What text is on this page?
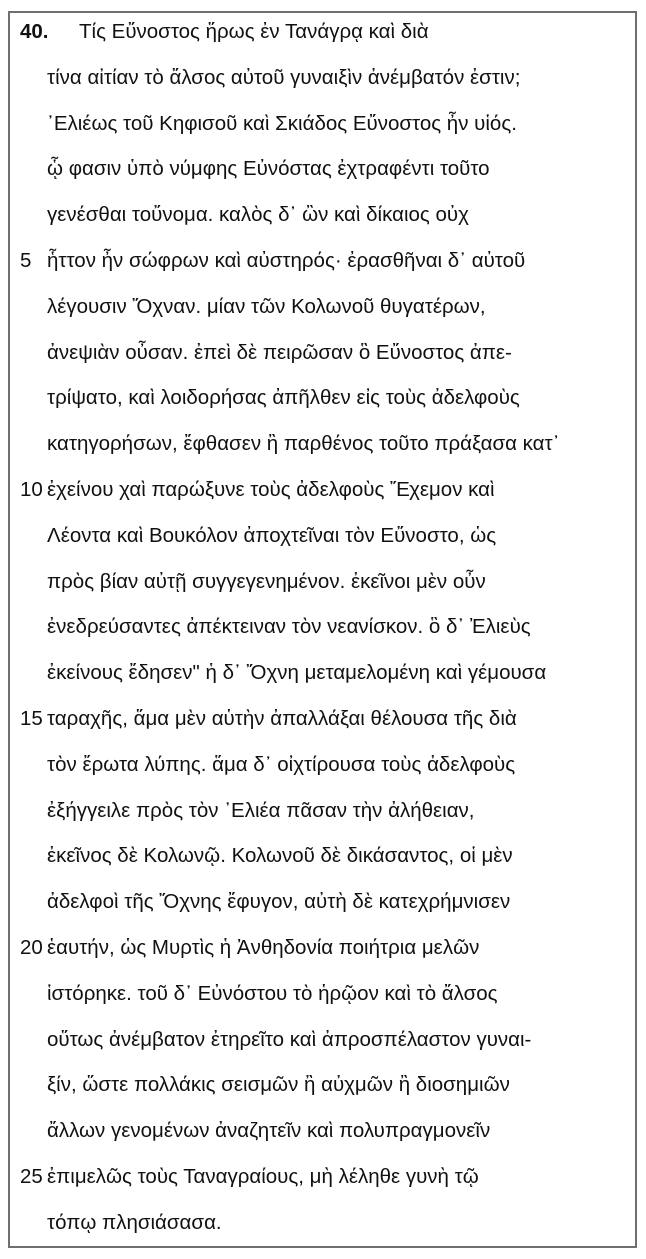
40. Τίς Εὔνοστος ἥρως ἐν Τανάγρᾳ καὶ διὰ
τίνα αἰτίαν τὸ ἄλσος αὐτοῦ γυναιξὶν ἀνέμβατόν ἐστιν;
᾿Ελιέως τοῦ Κηφισοῦ καὶ Σκιάδος Εὔνοστος ἦν υἱός.
ᾧ φασιν ὑπὸ νύμφης Εὐνόστας ἐχτραφέντι τοῦτο
γενέσθαι τοὔνομα. καλὸς δ᾿ ὢν καὶ δίκαιος οὐχ
5 ἧττον ἦν σώφρων καὶ αὐστηρός· ἐρασθῆναι δ᾿ αὐτοῦ
λέγουσιν Ὄχναν. μίαν τῶν Κολωνοῦ θυγατέρων,
ἀνεψιὰν οὖσαν. ἐπεὶ δὲ πειρῶσαν ὃ Εὔνοστος ἀπε-
τρίψατο, καὶ λοιδορήσας ἀπῆλθεν εἰς τοὺς ἀδελφοὺς
κατηγορήσων, ἔφθασεν ἢ παρθένος τοῦτο πράξασα κατ᾿
10 ἐχείνου χαὶ παρώξυνε τοὺς ἀδελφοὺς Ἔχεμον καὶ
Λέοντα καὶ Βουκόλον ἀποχτεῖναι τὸν Εὔνοστο, ὡς
πρὸς βίαν αὐτῇ συγγεγενημένον. ἐκεῖνοι μὲν οὖν
ἐνεδρεύσαντες ἀπέκτειναν τὸν νεανίσκον. ὃ δ᾿ Ἐλιεὺς
ἐκείνους ἔδησεν" ἡ δ᾿ Ὄχνη μεταμελομένη καὶ γέμουσα
15 ταραχῆς, ἅμα μὲν αὑτὴν ἀπαλλάξαι θέλουσα τῆς διὰ
τὸν ἔρωτα λύπης. ἅμα δ᾿ οἰχτίρουσα τοὺς ἀδελφοὺς
ἐξήγγειλε πρὸς τὸν ᾿Ελιέα πᾶσαν τὴν ἀλήθειαν,
ἐκεῖνος δὲ Κολωνῷ. Κολωνοῦ δὲ δικάσαντος, οἱ μὲν
ἀδελφοὶ τῆς Ὄχνης ἔφυγον, αὐτὴ δὲ κατεχρήμνισεν
20 ἑαυτήν, ὡς Μυρτὶς ἡ Ἀνθηδονία ποιήτρια μελῶν
ἱστόρηκε. τοῦ δ᾿ Εὐνόστου τὸ ἡρῷον καὶ τὸ ἄλσος
οὕτως ἀνέμβατον ἐτηρεῖτο καὶ ἀπροσπέλαστον γυναι-
ξίν, ὥστε πολλάκις σεισμῶν ἢ αὐχμῶν ἢ διοσημιῶν
ἄλλων γενομένων ἀναζητεῖν καὶ πολυπραγμονεῖν
25 ἐπιμελῶς τοὺς Ταναγραίους, μὴ λέληθε γυνὴ τῷ
τόπῳ πλησιάσασα.
